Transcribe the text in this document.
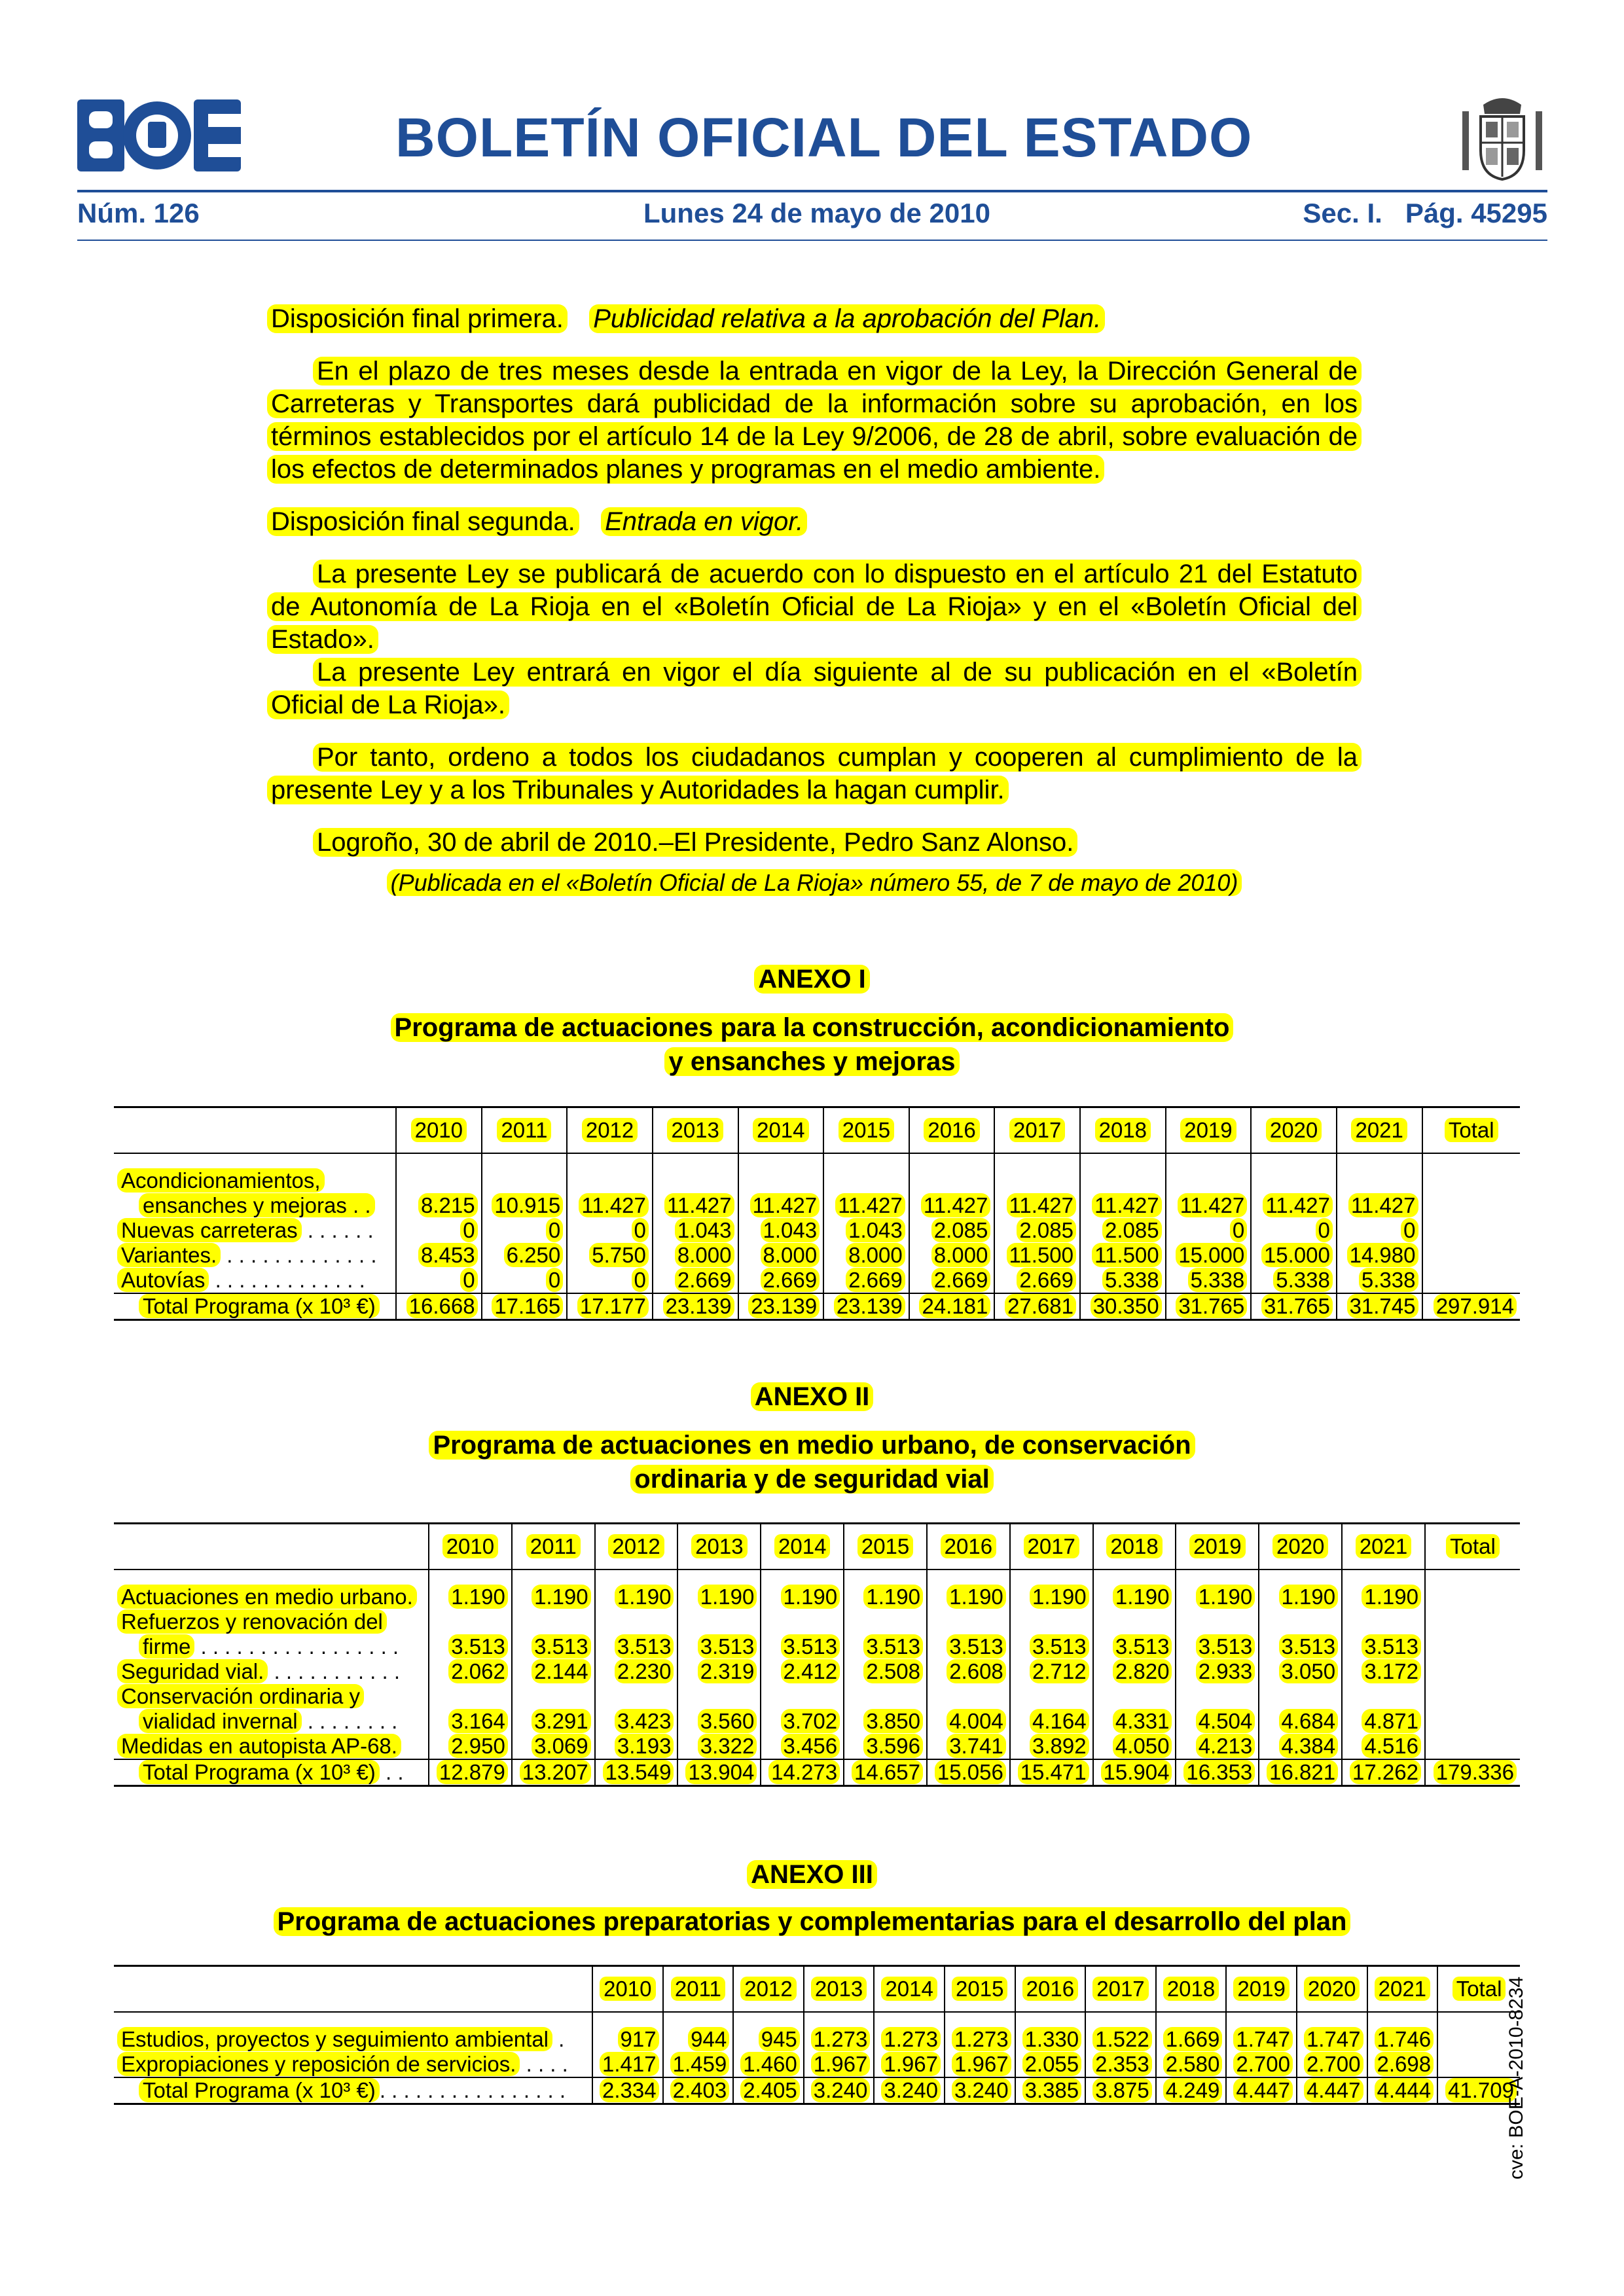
BOLETÍN OFICIAL DEL ESTADO
Núm. 126	Lunes 24 de mayo de 2010	Sec. I.   Pág. 45295

Disposición final primera. Publicidad relativa a la aprobación del Plan.

En el plazo de tres meses desde la entrada en vigor de la Ley, la Dirección General de Carreteras y Transportes dará publicidad de la información sobre su aprobación, en los términos establecidos por el artículo 14 de la Ley 9/2006, de 28 de abril, sobre evaluación de los efectos de determinados planes y programas en el medio ambiente.

Disposición final segunda. Entrada en vigor.

La presente Ley se publicará de acuerdo con lo dispuesto en el artículo 21 del Estatuto de Autonomía de La Rioja en el «Boletín Oficial de La Rioja» y en el «Boletín Oficial del Estado».

La presente Ley entrará en vigor el día siguiente al de su publicación en el «Boletín Oficial de La Rioja».

Por tanto, ordeno a todos los ciudadanos cumplan y cooperen al cumplimiento de la presente Ley y a los Tribunales y Autoridades la hagan cumplir.

Logroño, 30 de abril de 2010.–El Presidente, Pedro Sanz Alonso.

(Publicada en el «Boletín Oficial de La Rioja» número 55, de 7 de mayo de 2010)

ANEXO I
Programa de actuaciones para la construcción, acondicionamiento
y ensanches y mejoras
	2010	2011	2012	2013	2014	2015	2016	2017	2018	2019	2020	2021	Total

Acondicionamientos,													
ensanches y mejoras . .	8.215	10.915	11.427	11.427	11.427	11.427	11.427	11.427	11.427	11.427	11.427	11.427	
Nuevas carreteras . . . . . .	0	0	0	1.043	1.043	1.043	2.085	2.085	2.085	0	0	0	
Variantes. . . . . . . . . . . . . .	8.453	6.250	5.750	8.000	8.000	8.000	8.000	11.500	11.500	15.000	15.000	14.980	
Autovías . . . . . . . . . . . . .	0	0	0	2.669	2.669	2.669	2.669	2.669	5.338	5.338	5.338	5.338	
Total Programa (x 10³ €)	16.668	17.165	17.177	23.139	23.139	23.139	24.181	27.681	30.350	31.765	31.765	31.745	297.914

ANEXO II
Programa de actuaciones en medio urbano, de conservación
ordinaria y de seguridad vial
	2010	2011	2012	2013	2014	2015	2016	2017	2018	2019	2020	2021	Total

Actuaciones en medio urbano.	1.190	1.190	1.190	1.190	1.190	1.190	1.190	1.190	1.190	1.190	1.190	1.190	
Refuerzos y renovación del													
firme . . . . . . . . . . . . . . . . .	3.513	3.513	3.513	3.513	3.513	3.513	3.513	3.513	3.513	3.513	3.513	3.513	
Seguridad vial. . . . . . . . . . . .	2.062	2.144	2.230	2.319	2.412	2.508	2.608	2.712	2.820	2.933	3.050	3.172	
Conservación ordinaria y													
vialidad invernal . . . . . . . .	3.164	3.291	3.423	3.560	3.702	3.850	4.004	4.164	4.331	4.504	4.684	4.871	
Medidas en autopista AP-68.	2.950	3.069	3.193	3.322	3.456	3.596	3.741	3.892	4.050	4.213	4.384	4.516	
Total Programa (x 10³ €) . .	12.879	13.207	13.549	13.904	14.273	14.657	15.056	15.471	15.904	16.353	16.821	17.262	179.336

ANEXO III
Programa de actuaciones preparatorias y complementarias para el desarrollo del plan
	2010	2011	2012	2013	2014	2015	2016	2017	2018	2019	2020	2021	Total

Estudios, proyectos y seguimiento ambiental .	917	944	945	1.273	1.273	1.273	1.330	1.522	1.669	1.747	1.747	1.746	
Expropiaciones y reposición de servicios. . . . .	1.417	1.459	1.460	1.967	1.967	1.967	2.055	2.353	2.580	2.700	2.700	2.698	
Total Programa (x 10³ €) . . . . . . . . . . . . . . . .	2.334	2.403	2.405	3.240	3.240	3.240	3.385	3.875	4.249	4.447	4.447	4.444	41.709

cve: BOE-A-2010-8234
